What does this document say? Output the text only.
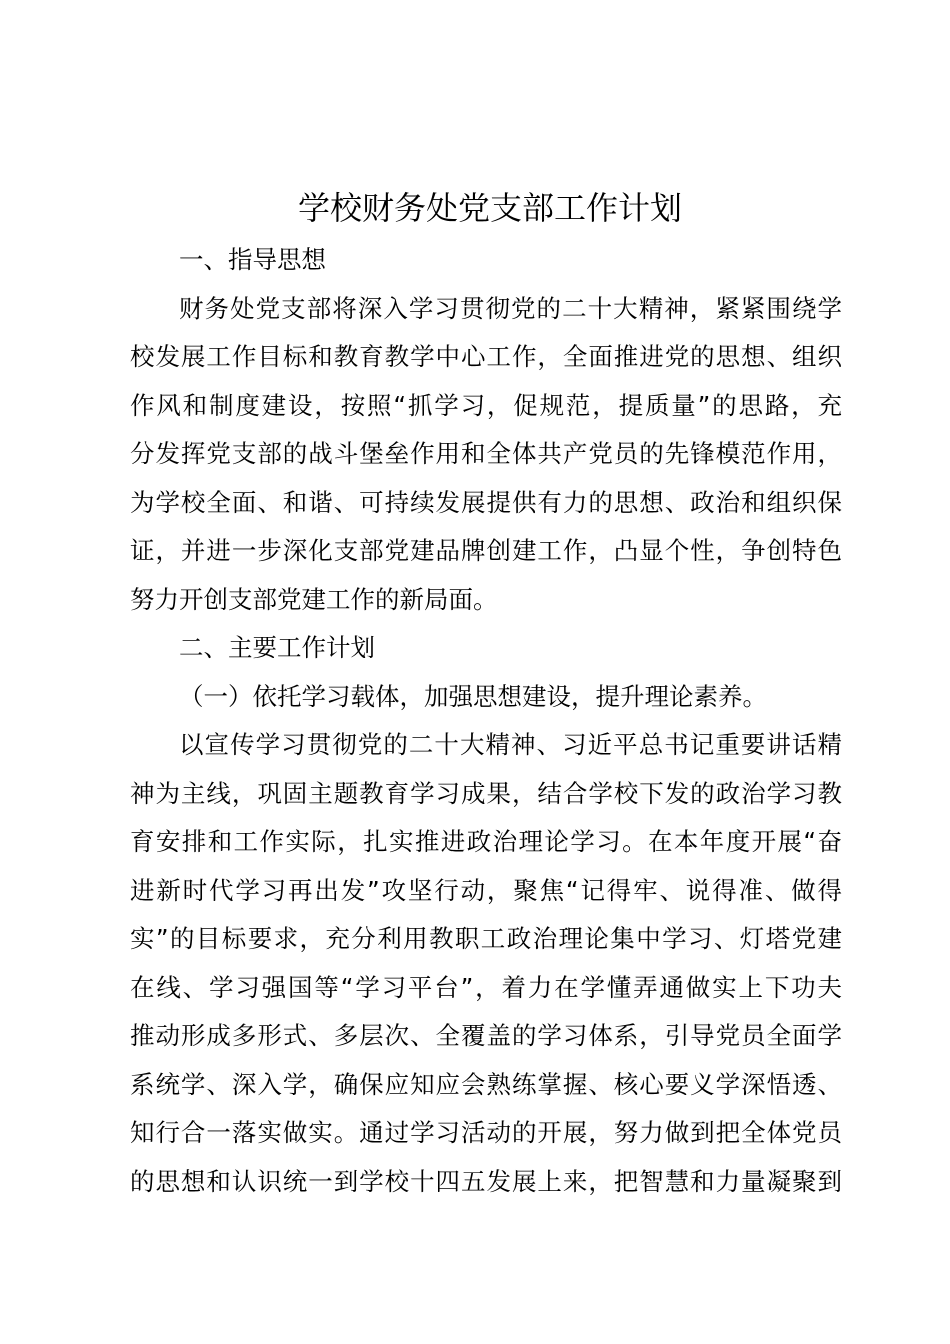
学校财务处党支部工作计划

一、指导思想

财务处党支部将深入学习贯彻党的二十大精神，紧紧围绕学

校发展工作目标和教育教学中心工作，全面推进党的思想、组织

作风和制度建设，按照“抓学习，促规范，提质量”的思路，充

分发挥党支部的战斗堡垒作用和全体共产党员的先锋模范作用，

为学校全面、和谐、可持续发展提供有力的思想、政治和组织保

证，并进一步深化支部党建品牌创建工作，凸显个性，争创特色

努力开创支部党建工作的新局面。

二、主要工作计划

（一）依托学习载体，加强思想建设，提升理论素养。

以宣传学习贯彻党的二十大精神、习近平总书记重要讲话精

神为主线，巩固主题教育学习成果，结合学校下发的政治学习教

育安排和工作实际，扎实推进政治理论学习。在本年度开展“奋

进新时代学习再出发”攻坚行动，聚焦“记得牢、说得准、做得

实”的目标要求，充分利用教职工政治理论集中学习、灯塔党建

在线、学习强国等“学习平台”，着力在学懂弄通做实上下功夫

推动形成多形式、多层次、全覆盖的学习体系，引导党员全面学

系统学、深入学，确保应知应会熟练掌握、核心要义学深悟透、

知行合一落实做实。通过学习活动的开展，努力做到把全体党员

的思想和认识统一到学校十四五发展上来，把智慧和力量凝聚到
